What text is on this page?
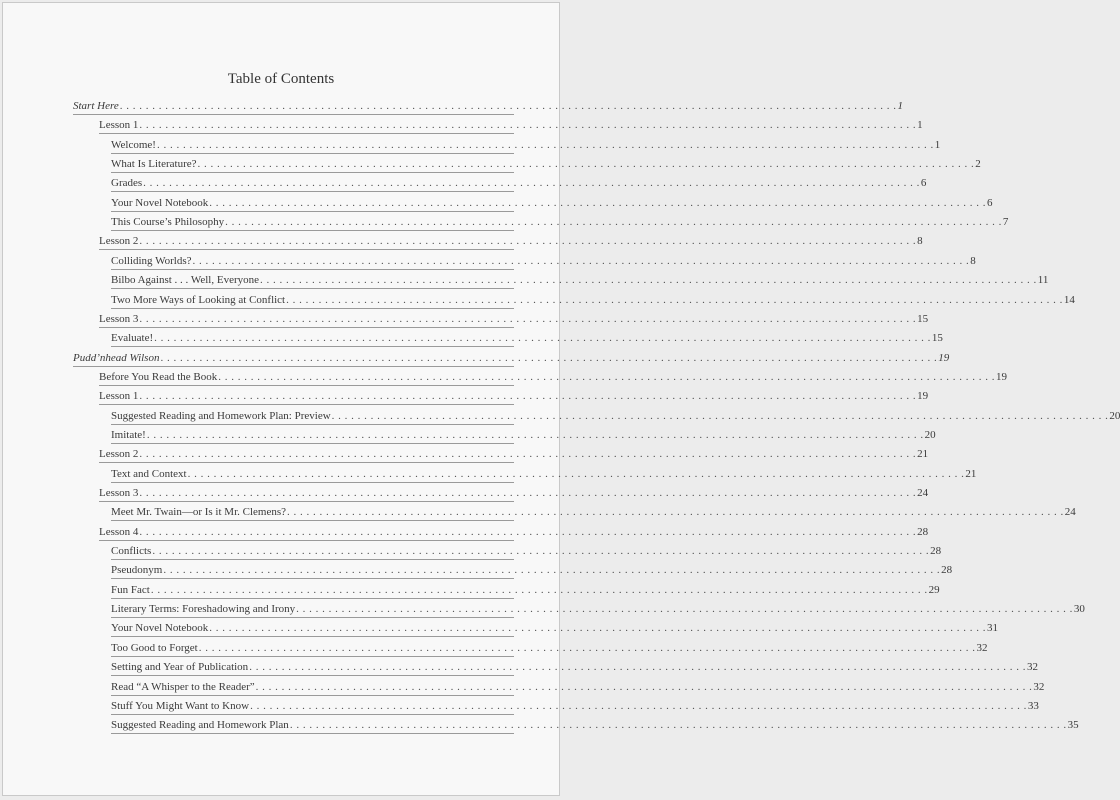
Table of Contents
Start Here . . . . . . . . . . . . . . . . . . . . . . . . . . . . . . . . . . . . . . . . . . . . . . . . . . . . . . . . . . . . . . . . . . . . . . . . . . . . . . . . . . . . . . . . . . . . . . . . . . . . . . . . . . . . . . . . . . . . . . . . 1
Lesson 1 . . . . . . . . . . . . . . . . . . . . . . . . . . . . . . . . . . . . . . . . . . . . . . . . . . . . . . . . . . . . . . . . . . . . . . . . . . . . . . . . . . . . . . . . . . . . . . . . . . . . . . . . . . . . . . . . . . . . . . . . 1
Welcome! . . . . . . . . . . . . . . . . . . . . . . . . . . . . . . . . . . . . . . . . . . . . . . . . . . . . . . . . . . . . . . . . . . . . . . . . . . . . . . . . . . . . . . . . . . . . . . . . . . . . . . . . . . . . . . . . . . . . . . . . 1
What Is Literature? . . . . . . . . . . . . . . . . . . . . . . . . . . . . . . . . . . . . . . . . . . . . . . . . . . . . . . . . . . . . . . . . . . . . . . . . . . . . . . . . . . . . . . . . . . . . . . . . . . . . . . . . . . . . . . . . . . . . . . . . 2
Grades . . . . . . . . . . . . . . . . . . . . . . . . . . . . . . . . . . . . . . . . . . . . . . . . . . . . . . . . . . . . . . . . . . . . . . . . . . . . . . . . . . . . . . . . . . . . . . . . . . . . . . . . . . . . . . . . . . . . . . . . 6
Your Novel Notebook . . . . . . . . . . . . . . . . . . . . . . . . . . . . . . . . . . . . . . . . . . . . . . . . . . . . . . . . . . . . . . . . . . . . . . . . . . . . . . . . . . . . . . . . . . . . . . . . . . . . . . . . . . . . . . . . . . . . . . . . 6
This Course’s Philosophy . . . . . . . . . . . . . . . . . . . . . . . . . . . . . . . . . . . . . . . . . . . . . . . . . . . . . . . . . . . . . . . . . . . . . . . . . . . . . . . . . . . . . . . . . . . . . . . . . . . . . . . . . . . . . . . . . . . . . . . . 7
Lesson 2 . . . . . . . . . . . . . . . . . . . . . . . . . . . . . . . . . . . . . . . . . . . . . . . . . . . . . . . . . . . . . . . . . . . . . . . . . . . . . . . . . . . . . . . . . . . . . . . . . . . . . . . . . . . . . . . . . . . . . . . . 8
Colliding Worlds? . . . . . . . . . . . . . . . . . . . . . . . . . . . . . . . . . . . . . . . . . . . . . . . . . . . . . . . . . . . . . . . . . . . . . . . . . . . . . . . . . . . . . . . . . . . . . . . . . . . . . . . . . . . . . . . . . . . . . . . . 8
Bilbo Against . . . Well, Everyone . . . . . . . . . . . . . . . . . . . . . . . . . . . . . . . . . . . . . . . . . . . . . . . . . . . . . . . . . . . . . . . . . . . . . . . . . . . . . . . . . . . . . . . . . . . . . . . . . . . . . . . . . . . . . . . . . . . . . . . . 11
Two More Ways of Looking at Conflict . . . . . . . . . . . . . . . . . . . . . . . . . . . . . . . . . . . . . . . . . . . . . . . . . . . . . . . . . . . . . . . . . . . . . . . . . . . . . . . . . . . . . . . . . . . . . . . . . . . . . . . . . . . . . . . . . . . . . . . . 14
Lesson 3 . . . . . . . . . . . . . . . . . . . . . . . . . . . . . . . . . . . . . . . . . . . . . . . . . . . . . . . . . . . . . . . . . . . . . . . . . . . . . . . . . . . . . . . . . . . . . . . . . . . . . . . . . . . . . . . . . . . . . . . . 15
Evaluate! . . . . . . . . . . . . . . . . . . . . . . . . . . . . . . . . . . . . . . . . . . . . . . . . . . . . . . . . . . . . . . . . . . . . . . . . . . . . . . . . . . . . . . . . . . . . . . . . . . . . . . . . . . . . . . . . . . . . . . . . 15
Pudd’nhead Wilson . . . . . . . . . . . . . . . . . . . . . . . . . . . . . . . . . . . . . . . . . . . . . . . . . . . . . . . . . . . . . . . . . . . . . . . . . . . . . . . . . . . . . . . . . . . . . . . . . . . . . . . . . . . . . . . . . . . . . . . . 19
Before You Read the Book . . . . . . . . . . . . . . . . . . . . . . . . . . . . . . . . . . . . . . . . . . . . . . . . . . . . . . . . . . . . . . . . . . . . . . . . . . . . . . . . . . . . . . . . . . . . . . . . . . . . . . . . . . . . . . . . . . . . . . . . 19
Lesson 1 . . . . . . . . . . . . . . . . . . . . . . . . . . . . . . . . . . . . . . . . . . . . . . . . . . . . . . . . . . . . . . . . . . . . . . . . . . . . . . . . . . . . . . . . . . . . . . . . . . . . . . . . . . . . . . . . . . . . . . . . 19
Suggested Reading and Homework Plan: Preview . . . . . . . . . . . . . . . . . . . . . . . . . . . . . . . . . . . . . . . . . . . . . . . . . . . . . . . . . . . . . . . . . . . . . . . . . . . . . . . . . . . . . . . . . . . . . . . . . . . . . . . . . . . . . . . . . . . . . . . . 20
Imitate! . . . . . . . . . . . . . . . . . . . . . . . . . . . . . . . . . . . . . . . . . . . . . . . . . . . . . . . . . . . . . . . . . . . . . . . . . . . . . . . . . . . . . . . . . . . . . . . . . . . . . . . . . . . . . . . . . . . . . . . . 20
Lesson 2 . . . . . . . . . . . . . . . . . . . . . . . . . . . . . . . . . . . . . . . . . . . . . . . . . . . . . . . . . . . . . . . . . . . . . . . . . . . . . . . . . . . . . . . . . . . . . . . . . . . . . . . . . . . . . . . . . . . . . . . . 21
Text and Context . . . . . . . . . . . . . . . . . . . . . . . . . . . . . . . . . . . . . . . . . . . . . . . . . . . . . . . . . . . . . . . . . . . . . . . . . . . . . . . . . . . . . . . . . . . . . . . . . . . . . . . . . . . . . . . . . . . . . . . . 21
Lesson 3 . . . . . . . . . . . . . . . . . . . . . . . . . . . . . . . . . . . . . . . . . . . . . . . . . . . . . . . . . . . . . . . . . . . . . . . . . . . . . . . . . . . . . . . . . . . . . . . . . . . . . . . . . . . . . . . . . . . . . . . . 24
Meet Mr. Twain—or Is it Mr. Clemens? . . . . . . . . . . . . . . . . . . . . . . . . . . . . . . . . . . . . . . . . . . . . . . . . . . . . . . . . . . . . . . . . . . . . . . . . . . . . . . . . . . . . . . . . . . . . . . . . . . . . . . . . . . . . . . . . . . . . . . . . 24
Lesson 4 . . . . . . . . . . . . . . . . . . . . . . . . . . . . . . . . . . . . . . . . . . . . . . . . . . . . . . . . . . . . . . . . . . . . . . . . . . . . . . . . . . . . . . . . . . . . . . . . . . . . . . . . . . . . . . . . . . . . . . . . 28
Conflicts . . . . . . . . . . . . . . . . . . . . . . . . . . . . . . . . . . . . . . . . . . . . . . . . . . . . . . . . . . . . . . . . . . . . . . . . . . . . . . . . . . . . . . . . . . . . . . . . . . . . . . . . . . . . . . . . . . . . . . . . 28
Pseudonym . . . . . . . . . . . . . . . . . . . . . . . . . . . . . . . . . . . . . . . . . . . . . . . . . . . . . . . . . . . . . . . . . . . . . . . . . . . . . . . . . . . . . . . . . . . . . . . . . . . . . . . . . . . . . . . . . . . . . . . . 28
Fun Fact . . . . . . . . . . . . . . . . . . . . . . . . . . . . . . . . . . . . . . . . . . . . . . . . . . . . . . . . . . . . . . . . . . . . . . . . . . . . . . . . . . . . . . . . . . . . . . . . . . . . . . . . . . . . . . . . . . . . . . . . 29
Literary Terms: Foreshadowing and Irony . . . . . . . . . . . . . . . . . . . . . . . . . . . . . . . . . . . . . . . . . . . . . . . . . . . . . . . . . . . . . . . . . . . . . . . . . . . . . . . . . . . . . . . . . . . . . . . . . . . . . . . . . . . . . . . . . . . . . . . . 30
Your Novel Notebook . . . . . . . . . . . . . . . . . . . . . . . . . . . . . . . . . . . . . . . . . . . . . . . . . . . . . . . . . . . . . . . . . . . . . . . . . . . . . . . . . . . . . . . . . . . . . . . . . . . . . . . . . . . . . . . . . . . . . . . . 31
Too Good to Forget . . . . . . . . . . . . . . . . . . . . . . . . . . . . . . . . . . . . . . . . . . . . . . . . . . . . . . . . . . . . . . . . . . . . . . . . . . . . . . . . . . . . . . . . . . . . . . . . . . . . . . . . . . . . . . . . . . . . . . . . 32
Setting and Year of Publication . . . . . . . . . . . . . . . . . . . . . . . . . . . . . . . . . . . . . . . . . . . . . . . . . . . . . . . . . . . . . . . . . . . . . . . . . . . . . . . . . . . . . . . . . . . . . . . . . . . . . . . . . . . . . . . . . . . . . . . . 32
Read “A Whisper to the Reader” . . . . . . . . . . . . . . . . . . . . . . . . . . . . . . . . . . . . . . . . . . . . . . . . . . . . . . . . . . . . . . . . . . . . . . . . . . . . . . . . . . . . . . . . . . . . . . . . . . . . . . . . . . . . . . . . . . . . . . . . 32
Stuff You Might Want to Know . . . . . . . . . . . . . . . . . . . . . . . . . . . . . . . . . . . . . . . . . . . . . . . . . . . . . . . . . . . . . . . . . . . . . . . . . . . . . . . . . . . . . . . . . . . . . . . . . . . . . . . . . . . . . . . . . . . . . . . . 33
Suggested Reading and Homework Plan . . . . . . . . . . . . . . . . . . . . . . . . . . . . . . . . . . . . . . . . . . . . . . . . . . . . . . . . . . . . . . . . . . . . . . . . . . . . . . . . . . . . . . . . . . . . . . . . . . . . . . . . . . . . . . . . . . . . . . . . 35
